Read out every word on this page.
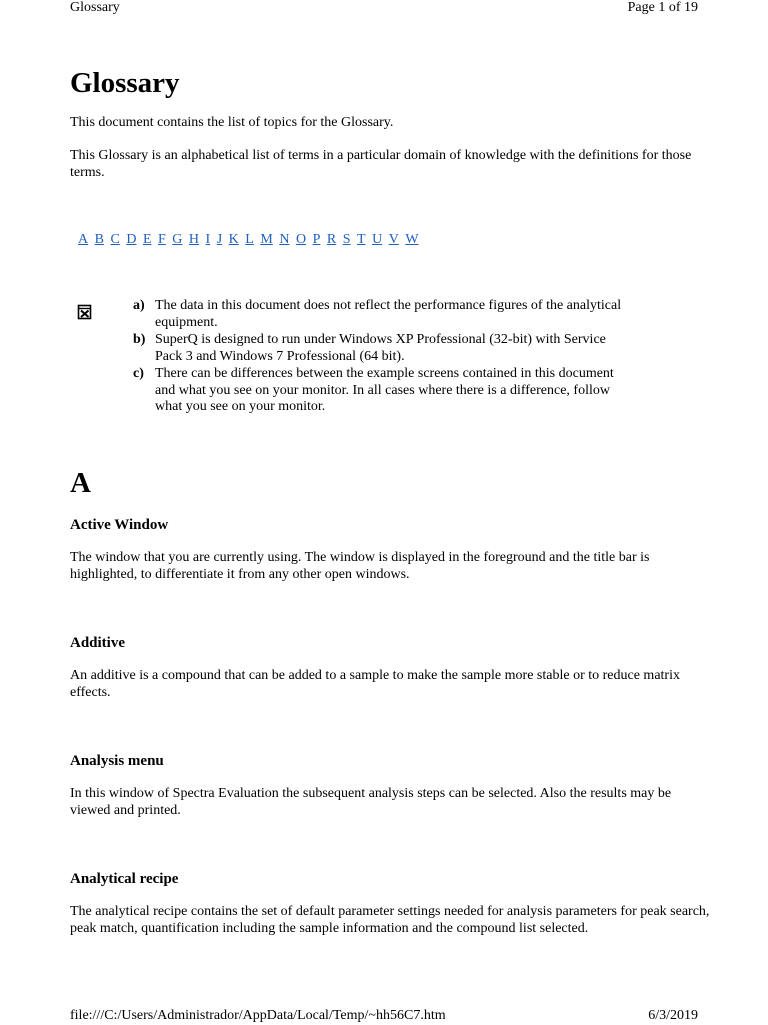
Glossary	Page 1 of 19
Glossary
This document contains the list of topics for the Glossary.
This Glossary is an alphabetical list of terms in a particular domain of knowledge with the definitions for those terms.
A B C D E F G H I J K L M N O P R S T U V W
a) The data in this document does not reflect the performance figures of the analytical equipment.
b) SuperQ is designed to run under Windows XP Professional (32-bit) with Service Pack 3 and Windows 7 Professional (64 bit).
c) There can be differences between the example screens contained in this document and what you see on your monitor. In all cases where there is a difference, follow what you see on your monitor.
A
Active Window
The window that you are currently using. The window is displayed in the foreground and the title bar is highlighted, to differentiate it from any other open windows.
Additive
An additive is a compound that can be added to a sample to make the sample more stable or to reduce matrix effects.
Analysis menu
In this window of Spectra Evaluation the subsequent analysis steps can be selected. Also the results may be viewed and printed.
Analytical recipe
The analytical recipe contains the set of default parameter settings needed for analysis parameters for peak search, peak match, quantification including the sample information and the compound list selected.
file:///C:/Users/Administrador/AppData/Local/Temp/~hh56C7.htm	6/3/2019
